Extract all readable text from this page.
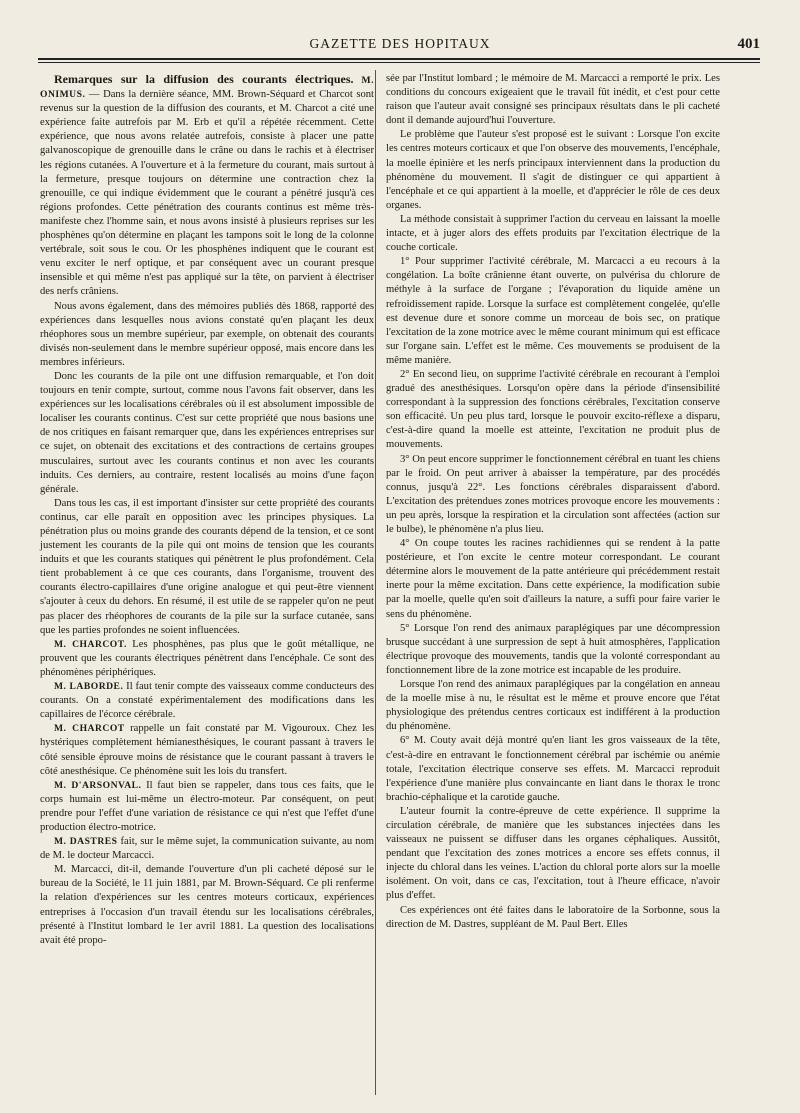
GAZETTE DES HOPITAUX	401

Remarques sur la diffusion des courants électriques. M. ONIMUS. — Dans la dernière séance, MM. Brown-Séquard et Charcot sont revenus sur la question de la diffusion des courants, et M. Charcot a cité une expérience faite autrefois par M. Erb et qu'il a répétée récemment. Cette expérience, que nous avons relatée autrefois, consiste à placer une patte galvanoscopique de grenouille dans le crâne ou dans le rachis et à électriser les régions cutanées. A l'ouverture et à la fermeture du courant, mais surtout à la fermeture, presque toujours on détermine une contraction chez la grenouille, ce qui indique évidemment que le courant a pénétré jusqu'à ces régions profondes. Cette pénétration des courants continus est même très-manifeste chez l'homme sain, et nous avons insisté à plusieurs reprises sur les phosphènes qu'on détermine en plaçant les tampons soit le long de la colonne vertébrale, soit sous le cou. Or les phosphènes indiquent que le courant est venu exciter le nerf optique, et par conséquent avec un courant presque insensible et qui même n'est pas appliqué sur la tête, on parvient à électriser des nerfs crâniens.

Nous avons également, dans des mémoires publiés dès 1868, rapporté des expériences dans lesquelles nous avions constaté qu'en plaçant les deux rhéophores sous un membre supérieur, par exemple, on obtenait des courants divisés non-seulement dans le membre supérieur opposé, mais encore dans les membres inférieurs.

Donc les courants de la pile ont une diffusion remarquable, et l'on doit toujours en tenir compte, surtout, comme nous l'avons fait observer, dans les expériences sur les localisations cérébrales où il est absolument impossible de localiser les courants continus. C'est sur cette propriété que nous basions une de nos critiques en faisant remarquer que, dans les expériences entreprises sur ce sujet, on obtenait des excitations et des contractions de certains groupes musculaires, surtout avec les courants continus et non avec les courants induits. Ces derniers, au contraire, restent localisés au moins d'une façon générale.

Dans tous les cas, il est important d'insister sur cette propriété des courants continus, car elle paraît en opposition avec les principes physiques. La pénétration plus ou moins grande des courants dépend de la tension, et ce sont justement les courants de la pile qui ont moins de tension que les courants induits et que les courants statiques qui pénètrent le plus profondément. Cela tient probablement à ce que ces courants, dans l'organisme, trouvent des courants électro-capillaires d'une origine analogue et qui peut-être viennent s'ajouter à ceux du dehors. En résumé, il est utile de se rappeler qu'on ne peut pas placer des rhéophores de courants de la pile sur la surface cutanée, sans que les parties profondes ne soient influencées.

M. CHARCOT. Les phosphènes, pas plus que le goût métallique, ne prouvent que les courants électriques pénètrent dans l'encéphale. Ce sont des phénomènes périphériques.

M. LABORDE. Il faut tenir compte des vaisseaux comme conducteurs des courants. On a constaté expérimentalement des modifications dans les capillaires de l'écorce cérébrale.

M. CHARCOT rappelle un fait constaté par M. Vigouroux. Chez les hystériques complètement hémianesthésiques, le courant passant à travers le côté sensible éprouve moins de résistance que le courant passant à travers le côté anesthésique. Ce phénomène suit les lois du transfert.

M. D'ARSONVAL. Il faut bien se rappeler, dans tous ces faits, que le corps humain est lui-même un électro-moteur. Par conséquent, on peut prendre pour l'effet d'une variation de résistance ce qui n'est que l'effet d'une production électro-motrice.

M. DASTRES fait, sur le même sujet, la communication suivante, au nom de M. le docteur Marcacci.

M. Marcacci, dit-il, demande l'ouverture d'un pli cacheté déposé sur le bureau de la Société, le 11 juin 1881, par M. Brown-Séquard. Ce pli renferme la relation d'expériences sur les centres moteurs corticaux, expériences entreprises à l'occasion d'un travail étendu sur les localisations cérébrales, présenté à l'Institut lombard le 1er avril 1881. La question des localisations avait été propo-

sée par l'Institut lombard ; le mémoire de M. Marcacci a remporté le prix. Les conditions du concours exigeaient que le travail fût inédit, et c'est pour cette raison que l'auteur avait consigné ses principaux résultats dans le pli cacheté dont il demande aujourd'hui l'ouverture.

Le problème que l'auteur s'est proposé est le suivant : Lorsque l'on excite les centres moteurs corticaux et que l'on observe des mouvements, l'encéphale, la moelle épinière et les nerfs principaux interviennent dans la production du phénomène du mouvement. Il s'agit de distinguer ce qui appartient à l'encéphale et ce qui appartient à la moelle, et d'apprécier le rôle de ces deux organes.

La méthode consistait à supprimer l'action du cerveau en laissant la moelle intacte, et à juger alors des effets produits par l'excitation électrique de la couche corticale.

1° Pour supprimer l'activité cérébrale, M. Marcacci a eu recours à la congélation. La boîte crânienne étant ouverte, on pulvérisa du chlorure de méthyle à la surface de l'organe ; l'évaporation du liquide amène un refroidissement rapide. Lorsque la surface est complètement congelée, qu'elle est devenue dure et sonore comme un morceau de bois sec, on pratique l'excitation de la zone motrice avec le même courant minimum qui est efficace sur l'organe sain. L'effet est le même. Ces mouvements se produisent de la même manière.

2° En second lieu, on supprime l'activité cérébrale en recourant à l'emploi gradué des anesthésiques. Lorsqu'on opère dans la période d'insensibilité correspondant à la suppression des fonctions cérébrales, l'excitation conserve son efficacité. Un peu plus tard, lorsque le pouvoir excito-réflexe a disparu, c'est-à-dire quand la moelle est atteinte, l'excitation ne produit plus de mouvements.

3° On peut encore supprimer le fonctionnement cérébral en tuant les chiens par le froid. On peut arriver à abaisser la température, par des procédés connus, jusqu'à 22°. Les fonctions cérébrales disparaissent d'abord. L'excitation des prétendues zones motrices provoque encore les mouvements : un peu après, lorsque la respiration et la circulation sont affectées (action sur le bulbe), le phénomène n'a plus lieu.

4° On coupe toutes les racines rachidiennes qui se rendent à la patte postérieure, et l'on excite le centre moteur correspondant. Le courant détermine alors le mouvement de la patte antérieure qui précédemment restait inerte pour la même excitation. Dans cette expérience, la modification subie par la moelle, quelle qu'en soit d'ailleurs la nature, a suffi pour faire varier le sens du phénomène.

5° Lorsque l'on rend des animaux paraplégiques par une décompression brusque succédant à une surpression de sept à huit atmosphères, l'application électrique provoque des mouvements, tandis que la volonté correspondant au fonctionnement libre de la zone motrice est incapable de les produire.

Lorsque l'on rend des animaux paraplégiques par la congélation en anneau de la moelle mise à nu, le résultat est le même et prouve encore que l'état physiologique des prétendus centres corticaux est indifférent à la production du phénomène.

6° M. Couty avait déjà montré qu'en liant les gros vaisseaux de la tête, c'est-à-dire en entravant le fonctionnement cérébral par ischémie ou anémie totale, l'excitation électrique conserve ses effets. M. Marcacci reproduit l'expérience d'une manière plus convaincante en liant dans le thorax le tronc brachio-céphalique et la carotide gauche.

L'auteur fournit la contre-épreuve de cette expérience. Il supprime la circulation cérébrale, de manière que les substances injectées dans les vaisseaux ne puissent se diffuser dans les organes céphaliques. Aussitôt, pendant que l'excitation des zones motrices a encore ses effets connus, il injecte du chloral dans les veines. L'action du chloral porte alors sur la moelle isolément. On voit, dans ce cas, l'excitation, tout à l'heure efficace, n'avoir plus d'effet.

Ces expériences ont été faites dans le laboratoire de la Sorbonne, sous la direction de M. Dastres, suppléant de M. Paul Bert. Elles
